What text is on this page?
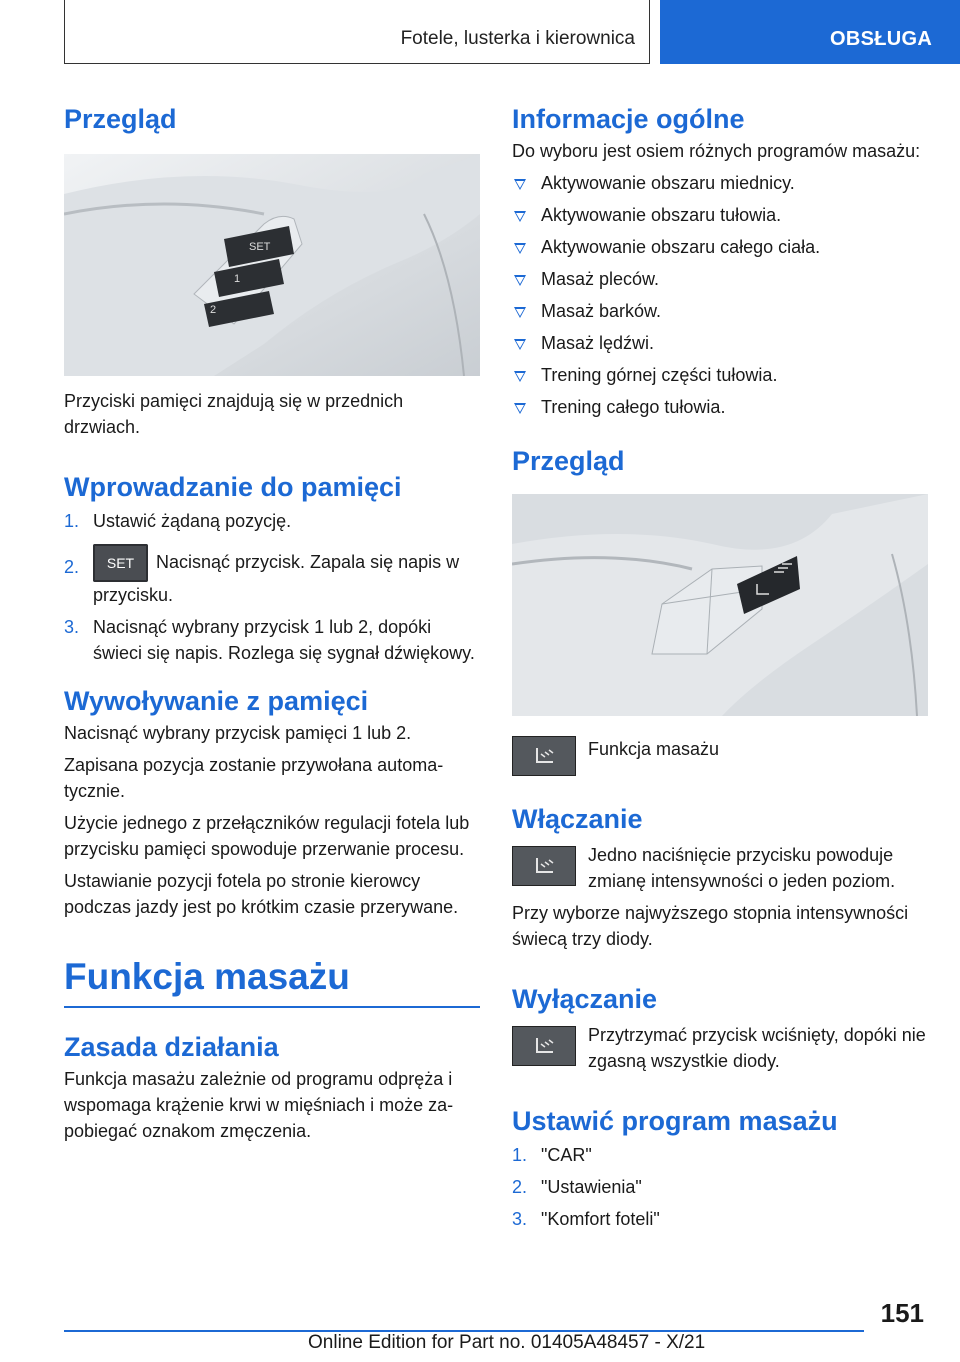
Fotele, lusterka i kierownica	OBSŁUGA
Przegląd
SET
1
2

Przyciski pamięci znajdują się w przednich drzwiach.

Wprowadzanie do pamięci
1. Ustawić żądaną pozycję.
2. SET Nacisnąć przycisk. Zapala się napis w przycisku.
3. Nacisnąć wybrany przycisk 1 lub 2, dopóki świeci się napis. Rozlega się sygnał dźwiękowy.
Wywoływanie z pamięci

Nacisnąć wybrany przycisk pamięci 1 lub 2.

Zapisana pozycja zostanie przywołana automatycznie.

Użycie jednego z przełączników regulacji fotela lub przycisku pamięci spowoduje przerwanie procesu.

Ustawianie pozycji fotela po stronie kierowcy podczas jazdy jest po krótkim czasie przerywane.

Funkcja masażu
Zasada działania

Funkcja masażu zależnie od programu odpręża i wspomaga krążenie krwi w mięśniach i może zapobiegać oznakom zmęczenia.

Informacje ogólne

Do wyboru jest osiem różnych programów masażu:

Aktywowanie obszaru miednicy.
Aktywowanie obszaru tułowia.
Aktywowanie obszaru całego ciała.
Masaż pleców.
Masaż barków.
Masaż lędźwi.
Trening górnej części tułowia.
Trening całego tułowia.
Przegląd

Funkcja masażu

Włączanie

Jedno naciśnięcie przycisku powoduje zmianę intensywności o jeden poziom.

Przy wyborze najwyższego stopnia intensywności świecą trzy diody.

Wyłączanie

Przytrzymać przycisk wciśnięty, dopóki nie zgasną wszystkie diody.

Ustawić program masażu
1. "CAR"
2. "Ustawienia"
3. "Komfort foteli"
151
Online Edition for Part no. 01405A48457 - X/21
